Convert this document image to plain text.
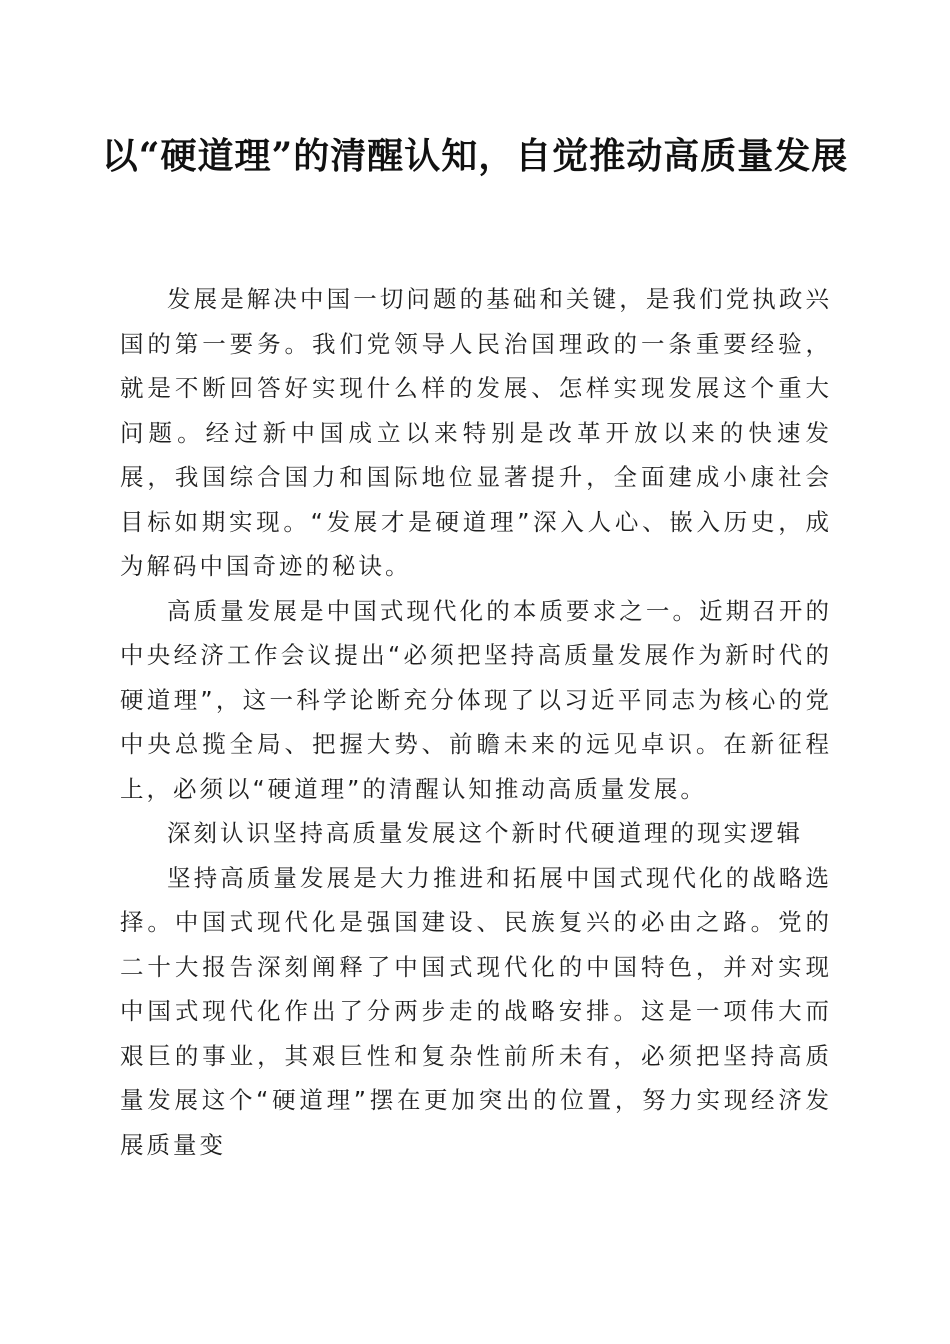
以“硬道理”的清醒认知，自觉推动高质量发展

发展是解决中国一切问题的基础和关键，是我们党执政兴国的第一要务。我们党领导人民治国理政的一条重要经验，就是不断回答好实现什么样的发展、怎样实现发展这个重大问题。经过新中国成立以来特别是改革开放以来的快速发展，我国综合国力和国际地位显著提升，全面建成小康社会目标如期实现。“发展才是硬道理”深入人心、嵌入历史，成为解码中国奇迹的秘诀。

高质量发展是中国式现代化的本质要求之一。近期召开的中央经济工作会议提出“必须把坚持高质量发展作为新时代的硬道理”，这一科学论断充分体现了以习近平同志为核心的党中央总揽全局、把握大势、前瞻未来的远见卓识。在新征程上，必须以“硬道理”的清醒认知推动高质量发展。

深刻认识坚持高质量发展这个新时代硬道理的现实逻辑

坚持高质量发展是大力推进和拓展中国式现代化的战略选择。中国式现代化是强国建设、民族复兴的必由之路。党的二十大报告深刻阐释了中国式现代化的中国特色，并对实现中国式现代化作出了分两步走的战略安排。这是一项伟大而艰巨的事业，其艰巨性和复杂性前所未有，必须把坚持高质量发展这个“硬道理”摆在更加突出的位置，努力实现经济发展质量变
